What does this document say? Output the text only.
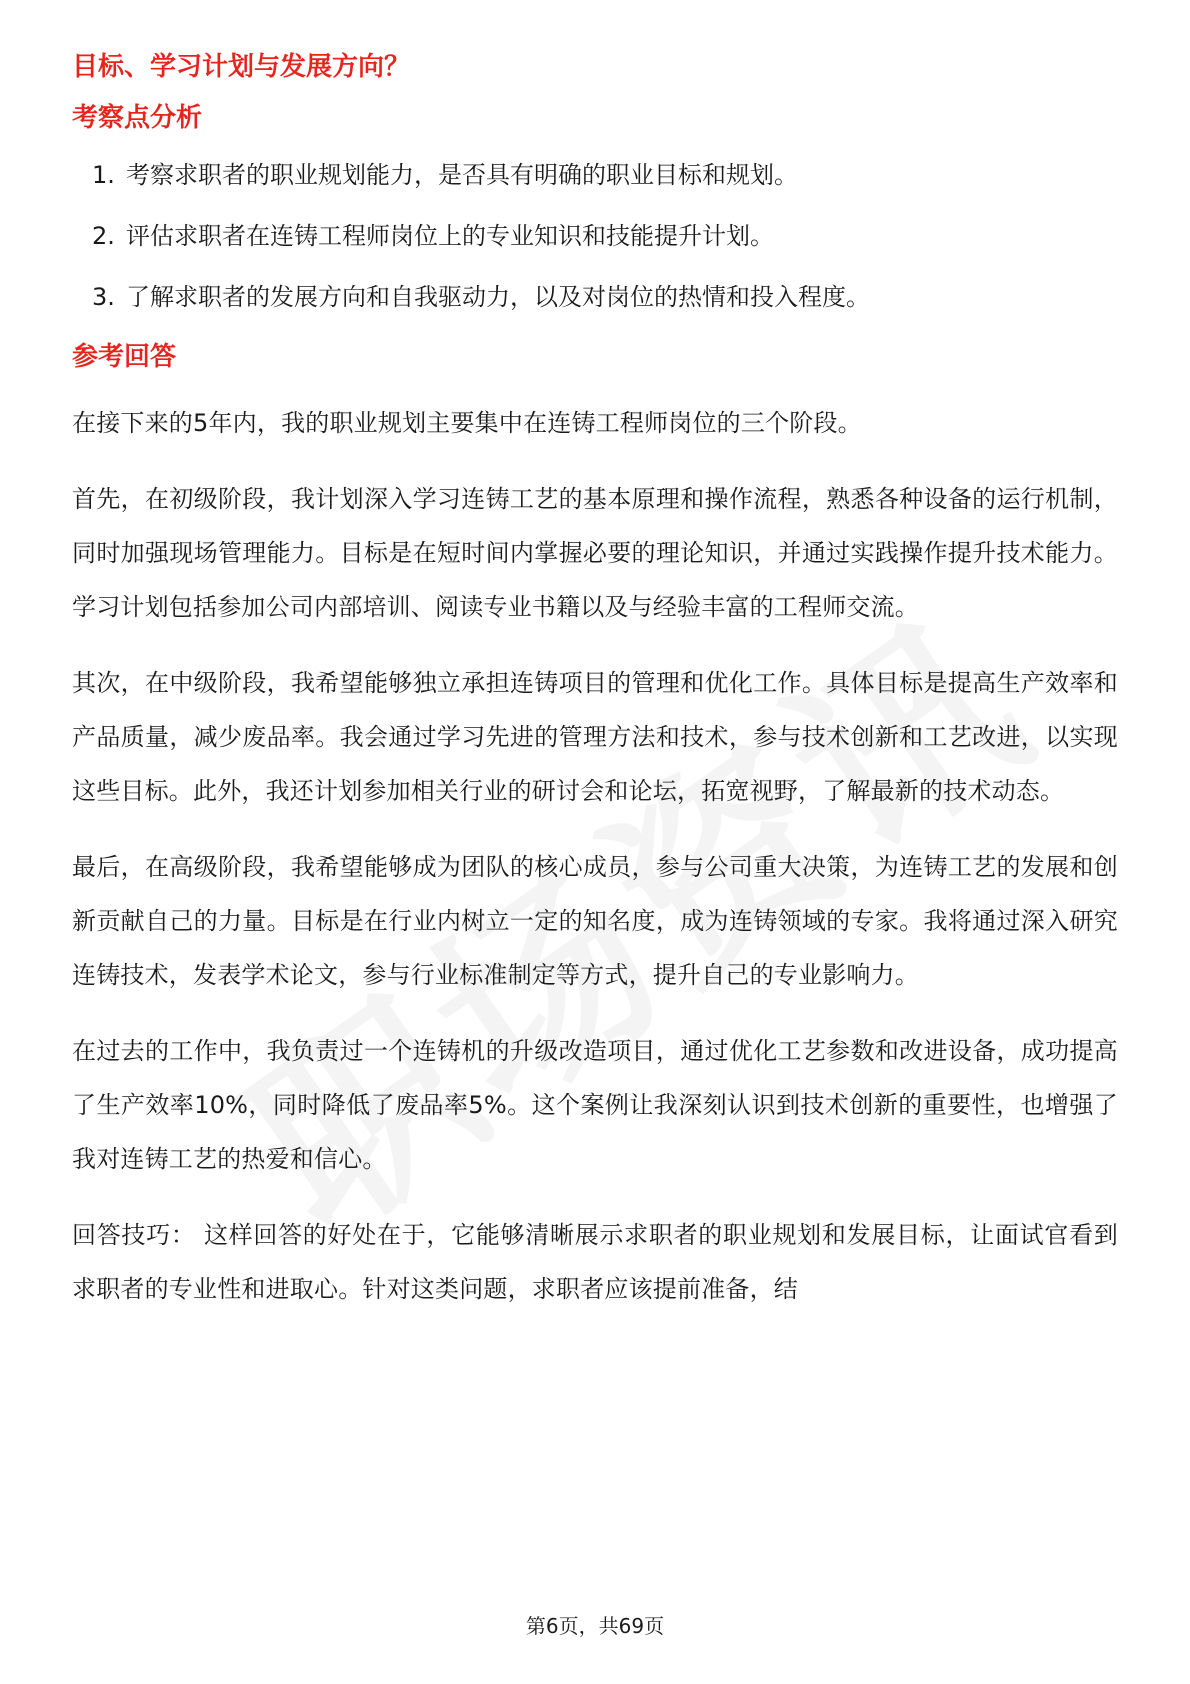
目标、学习计划与发展方向？
考察点分析
1. 考察求职者的职业规划能力，是否具有明确的职业目标和规划。
2. 评估求职者在连铸工程师岗位上的专业知识和技能提升计划。
3. 了解求职者的发展方向和自我驱动力，以及对岗位的热情和投入程度。
参考回答

在接下来的5年内，我的职业规划主要集中在连铸工程师岗位的三个阶段。

首先，在初级阶段，我计划深入学习连铸工艺的基本原理和操作流程，熟悉各种设备的运行机制，同时加强现场管理能力。目标是在短时间内掌握必要的理论知识，并通过实践操作提升技术能力。学习计划包括参加公司内部培训、阅读专业书籍以及与经验丰富的工程师交流。

其次，在中级阶段，我希望能够独立承担连铸项目的管理和优化工作。具体目标是提高生产效率和产品质量，减少废品率。我会通过学习先进的管理方法和技术，参与技术创新和工艺改进，以实现这些目标。此外，我还计划参加相关行业的研讨会和论坛，拓宽视野，了解最新的技术动态。

最后，在高级阶段，我希望能够成为团队的核心成员，参与公司重大决策，为连铸工艺的发展和创新贡献自己的力量。目标是在行业内树立一定的知名度，成为连铸领域的专家。我将通过深入研究连铸技术，发表学术论文，参与行业标准制定等方式，提升自己的专业影响力。

在过去的工作中，我负责过一个连铸机的升级改造项目，通过优化工艺参数和改进设备，成功提高了生产效率10%，同时降低了废品率5%。这个案例让我深刻认识到技术创新的重要性，也增强了我对连铸工艺的热爱和信心。

回答技巧： 这样回答的好处在于，它能够清晰展示求职者的职业规划和发展目标，让面试官看到求职者的专业性和进取心。针对这类问题，求职者应该提前准备，结

第6页，共69页
